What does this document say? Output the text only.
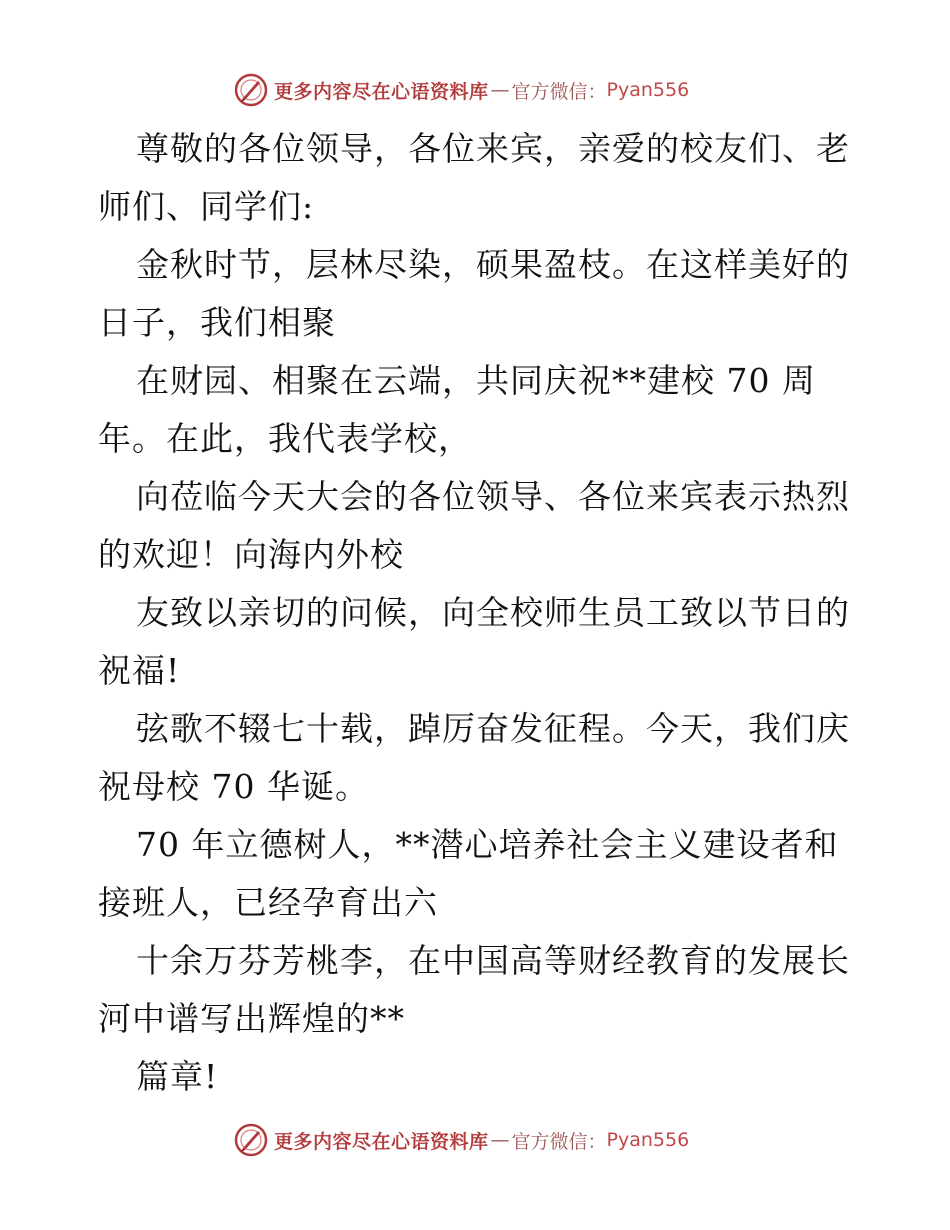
更多内容尽在心语资料库 — 官方微信： Pyan556
尊敬的各位领导，各位来宾，亲爱的校友们、老
师们、同学们:
金秋时节，层林尽染，硕果盈枝。在这样美好的
日子，我们相聚
在财园、相聚在云端，共同庆祝**建校 70 周
年。在此，我代表学校，
向莅临今天大会的各位领导、各位来宾表示热烈
的欢迎！向海内外校
友致以亲切的问候，向全校师生员工致以节日的
祝福!
弦歌不辍七十载，踔厉奋发征程。今天，我们庆
祝母校 70 华诞。
70 年立德树人，**潜心培养社会主义建设者和
接班人，已经孕育出六
十余万芬芳桃李，在中国高等财经教育的发展长
河中谱写出辉煌的**
篇章!
更多内容尽在心语资料库 — 官方微信： Pyan556
